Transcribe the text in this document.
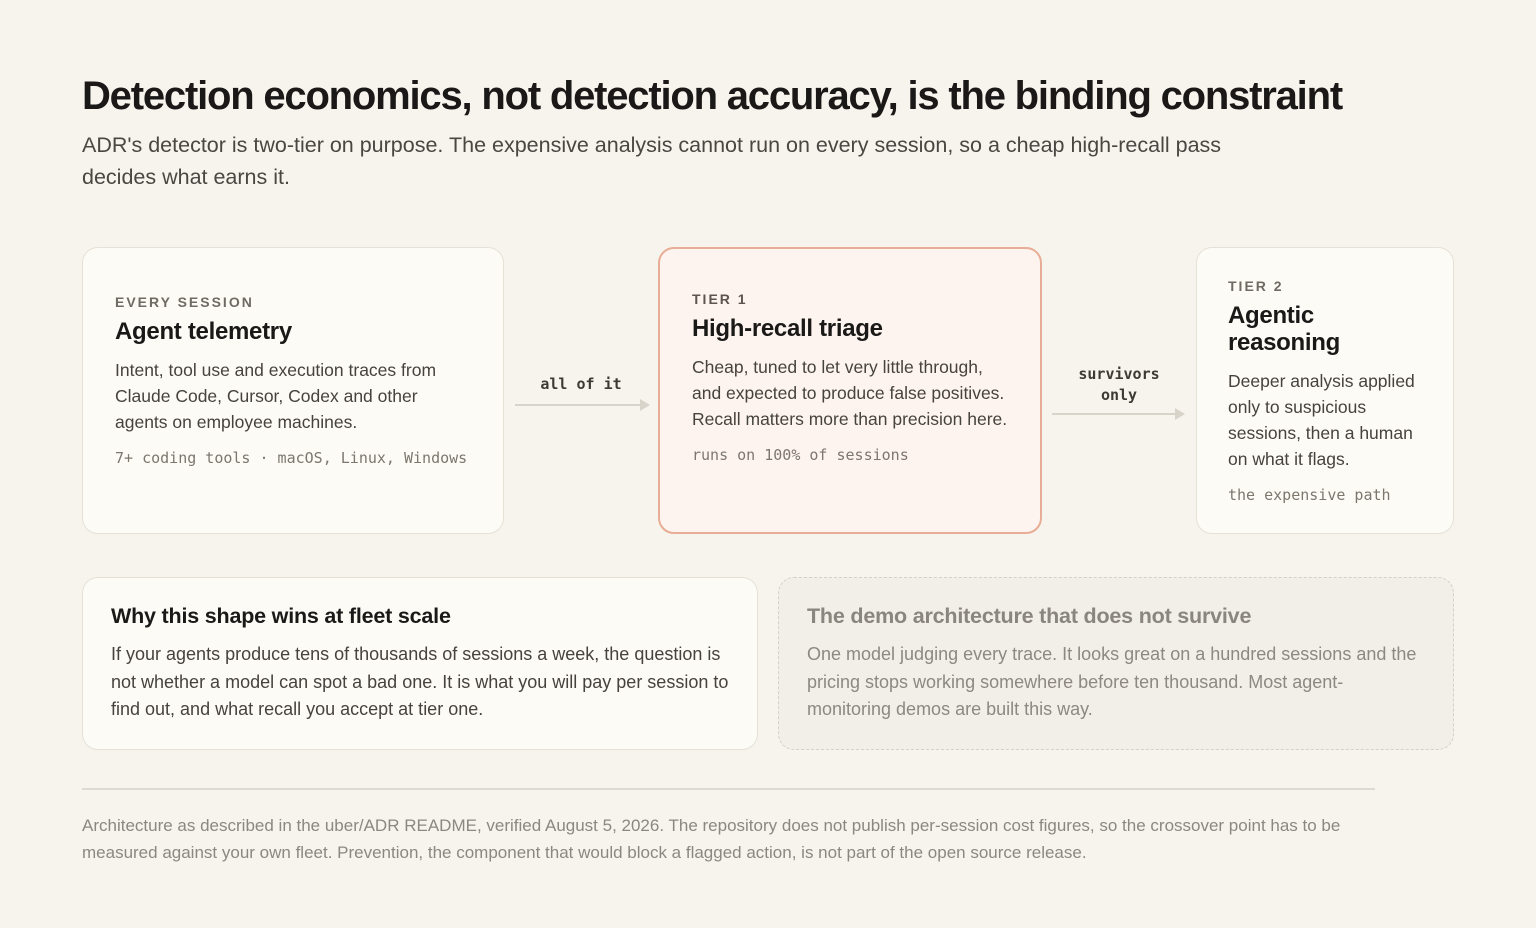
Detection economics, not detection accuracy, is the binding constraint

ADR's detector is two-tier on purpose. The expensive analysis cannot run on every session, so a cheap high-recall pass decides what earns it.

EVERY SESSION
Agent telemetry
Intent, tool use and execution traces from Claude Code, Cursor, Codex and other agents on employee machines.
7+ coding tools · macOS, Linux, Windows
all of it
TIER 1
High-recall triage
Cheap, tuned to let very little through, and expected to produce false positives. Recall matters more than precision here.
runs on 100% of sessions
survivors only
TIER 2
Agentic reasoning
Deeper analysis applied only to suspicious sessions, then a human on what it flags.
the expensive path
Why this shape wins at fleet scale
If your agents produce tens of thousands of sessions a week, the question is not whether a model can spot a bad one. It is what you will pay per session to find out, and what recall you accept at tier one.
The demo architecture that does not survive
One model judging every trace. It looks great on a hundred sessions and the pricing stops working somewhere before ten thousand. Most agent-monitoring demos are built this way.

Architecture as described in the uber/ADR README, verified August 5, 2026. The repository does not publish per-session cost figures, so the crossover point has to be measured against your own fleet. Prevention, the component that would block a flagged action, is not part of the open source release.
